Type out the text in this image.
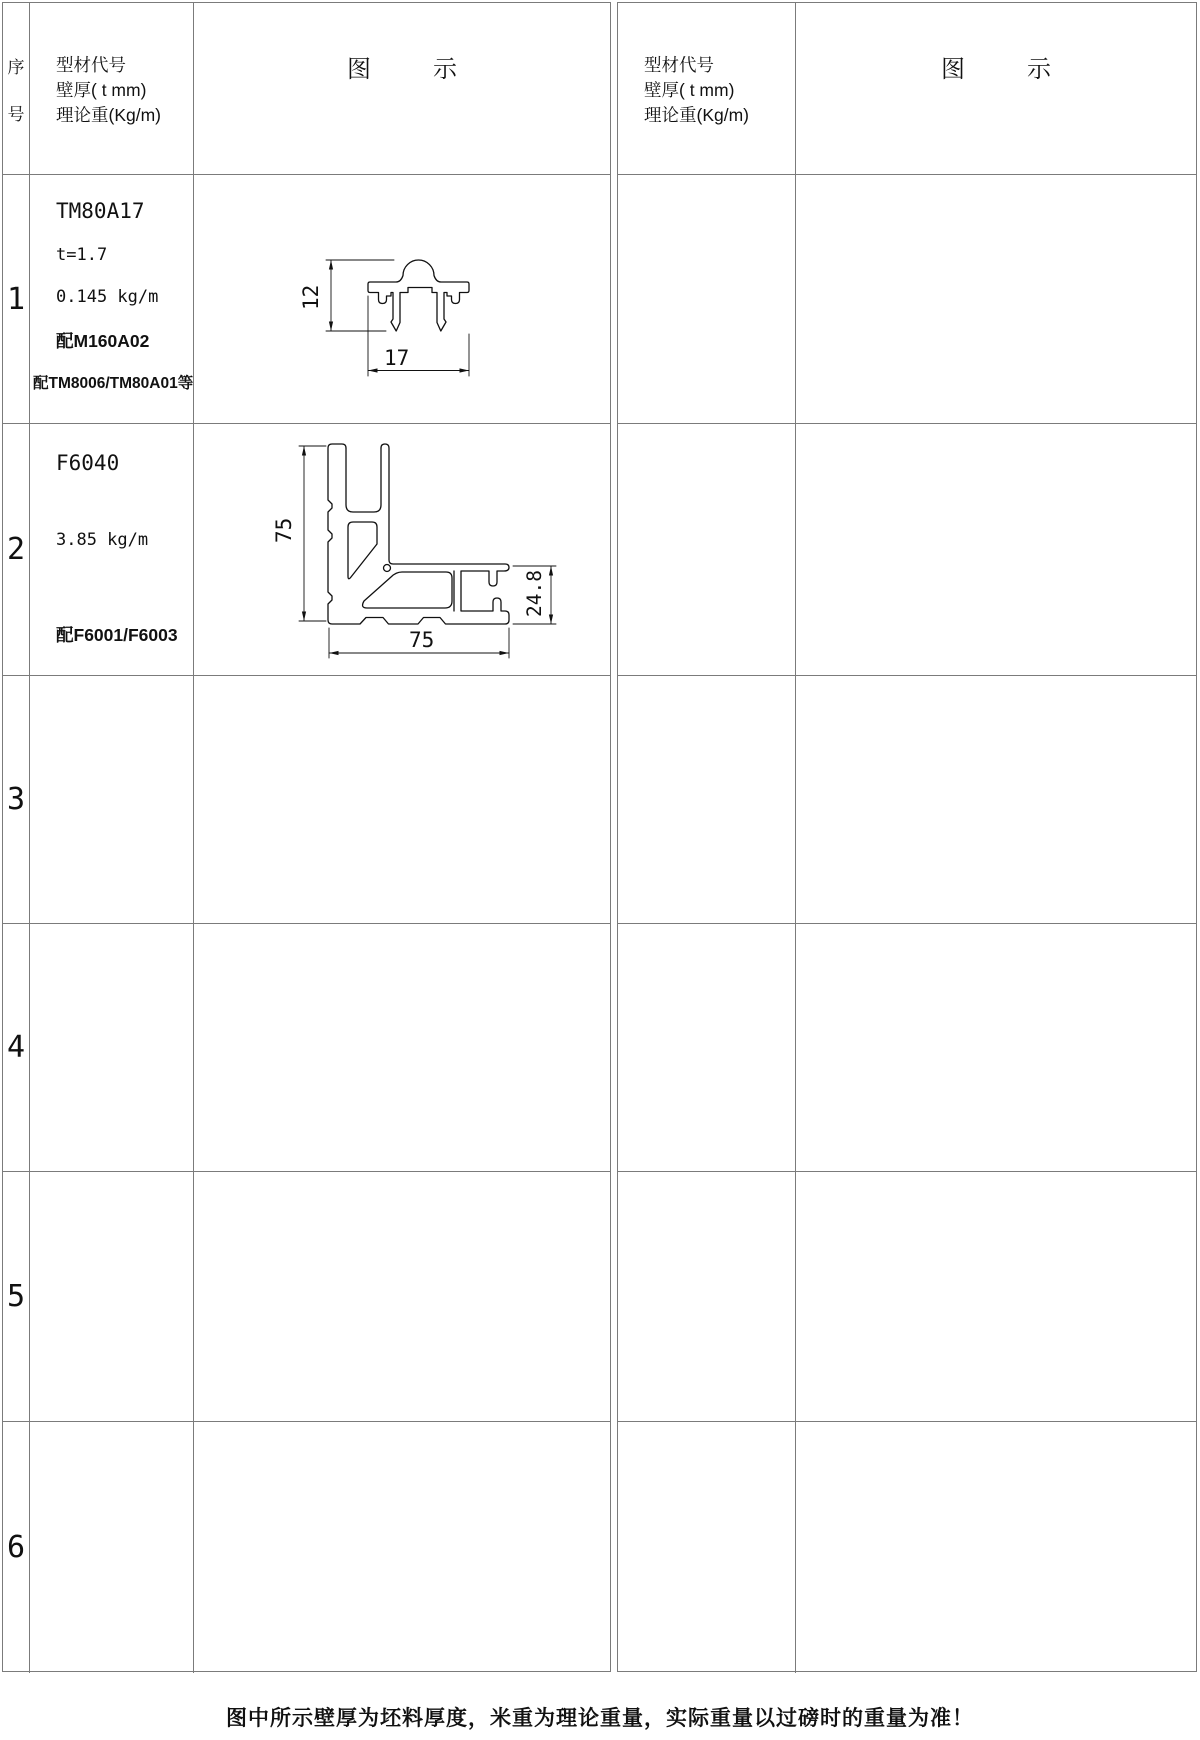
序
号
型材代号
壁厚( t mm)
理论重(Kg/m)
图	示
1
TM80A17
t=1.7
0.145 kg/m
配M160A02
配TM8006/TM80A01等
12
17
2
F6040
3.85 kg/m
配F6001/F6003
75
75
24.8
3
4
5
6
型材代号
壁厚( t mm)
理论重(Kg/m)
图	示
图中所示壁厚为坯料厚度，米重为理论重量，实际重量以过磅时的重量为准！
